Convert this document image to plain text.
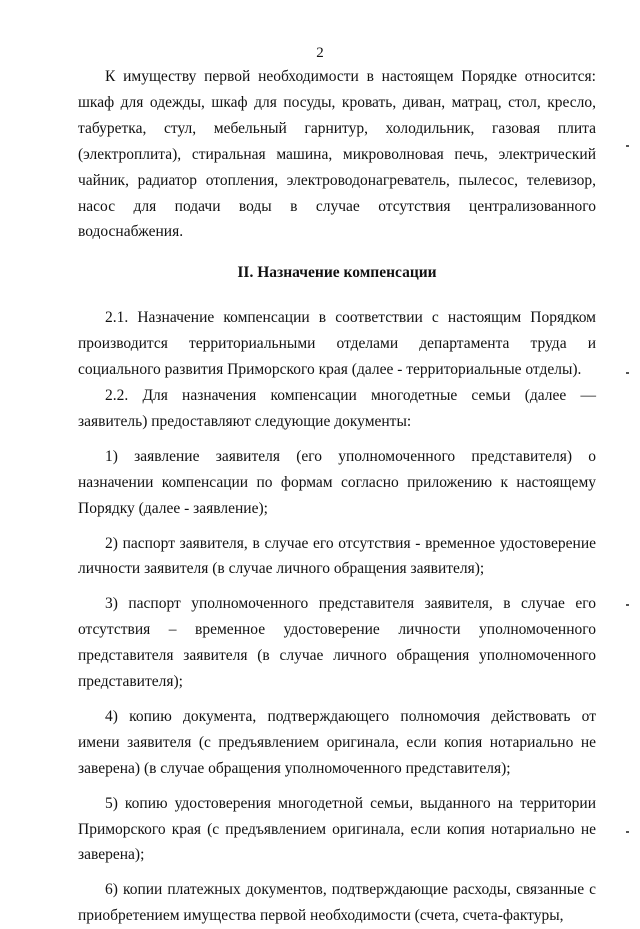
2

К имуществу первой необходимости в настоящем Порядке относится: шкаф для одежды, шкаф для посуды, кровать, диван, матрац, стол, кресло, табуретка, стул, мебельный гарнитур, холодильник, газовая плита (электроплита), стиральная машина, микроволновая печь, электрический чайник, радиатор отопления, электроводонагреватель, пылесос, телевизор, насос для подачи воды в случае отсутствия централизованного водоснабжения.

II. Назначение компенсации

2.1. Назначение компенсации в соответствии с настоящим Порядком производится территориальными отделами департамента труда и социального развития Приморского края (далее - территориальные отделы).

2.2. Для назначения компенсации многодетные семьи (далее — заявитель) предоставляют следующие документы:

1) заявление заявителя (его уполномоченного представителя) о назначении компенсации по формам согласно приложению к настоящему Порядку (далее - заявление);

2) паспорт заявителя, в случае его отсутствия - временное удостоверение личности заявителя (в случае личного обращения заявителя);

3) паспорт уполномоченного представителя заявителя, в случае его отсутствия – временное удостоверение личности уполномоченного представителя заявителя (в случае личного обращения уполномоченного представителя);

4) копию документа, подтверждающего полномочия действовать от имени заявителя (с предъявлением оригинала, если копия нотариально не заверена) (в случае обращения уполномоченного представителя);

5) копию удостоверения многодетной семьи, выданного на территории Приморского края (с предъявлением оригинала, если копия нотариально не заверена);

6) копии платежных документов, подтверждающие расходы, связанные с приобретением имущества первой необходимости (счета, счета-фактуры,
